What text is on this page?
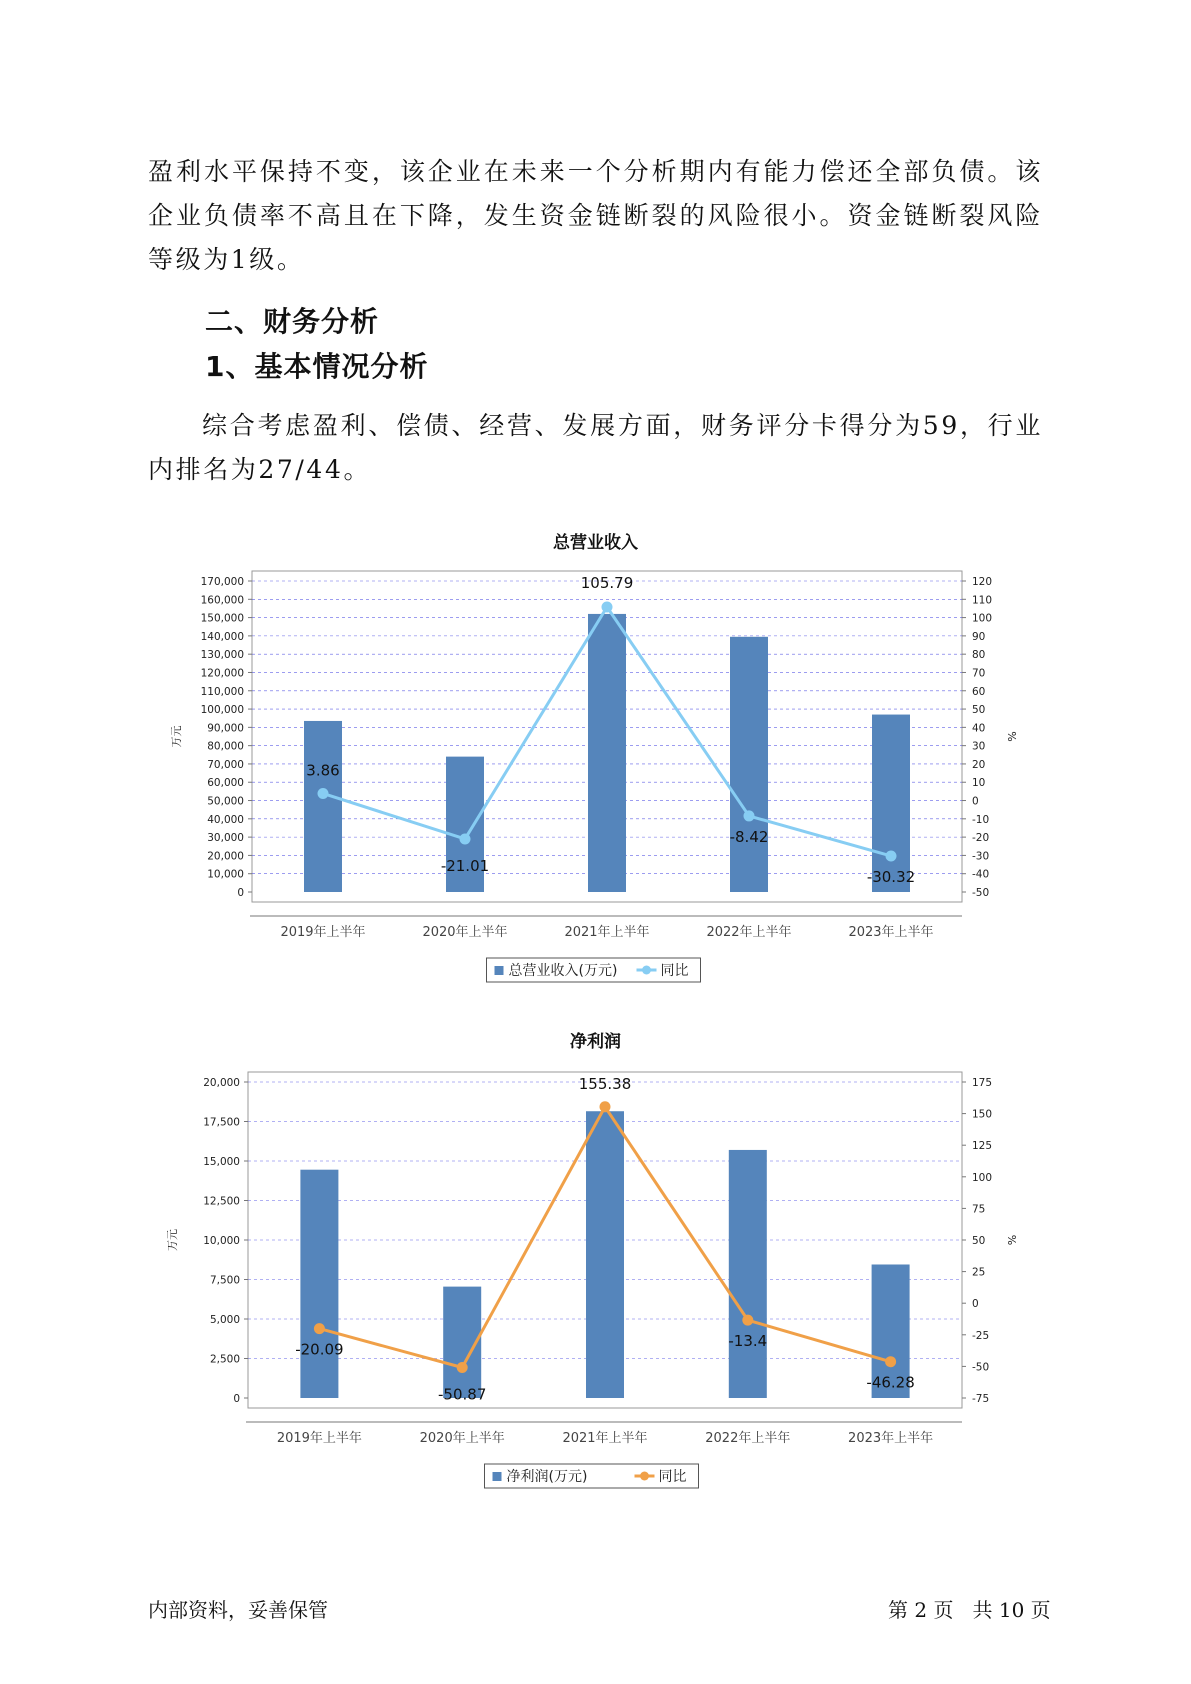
盈利水平保持不变，该企业在未来一个分析期内有能力偿还全部负债。该企业负债率不高且在下降，发生资金链断裂的风险很小。资金链断裂风险等级为1级。

二、财务分析
1、基本情况分析

综合考虑盈利、偿债、经营、发展方面，财务评分卡得分为59，行业内排名为27/44。

总营业收入
0
10,000
20,000
30,000
40,000
50,000
60,000
70,000
80,000
90,000
100,000
110,000
120,000
130,000
140,000
150,000
160,000
170,000
-50
-40
-30
-20
-10
0
10
20
30
40
50
60
70
80
90
100
110
120
万元	%
2019年上半年	2020年上半年	2021年上半年	2022年上半年	2023年上半年
3.86
-21.01
105.79
-8.42
-30.32
总营业收入(万元)	同比
净利润
0
2,500
5,000
7,500
10,000
12,500
15,000
17,500
20,000
-75
-50
-25
0
25
50
75
100
125
150
175
万元	%
2019年上半年	2020年上半年	2021年上半年	2022年上半年	2023年上半年
-20.09
-50.87
155.38
-13.4
-46.28
净利润(万元)	同比
内部资料，妥善保管	第 2 页   共 10 页
